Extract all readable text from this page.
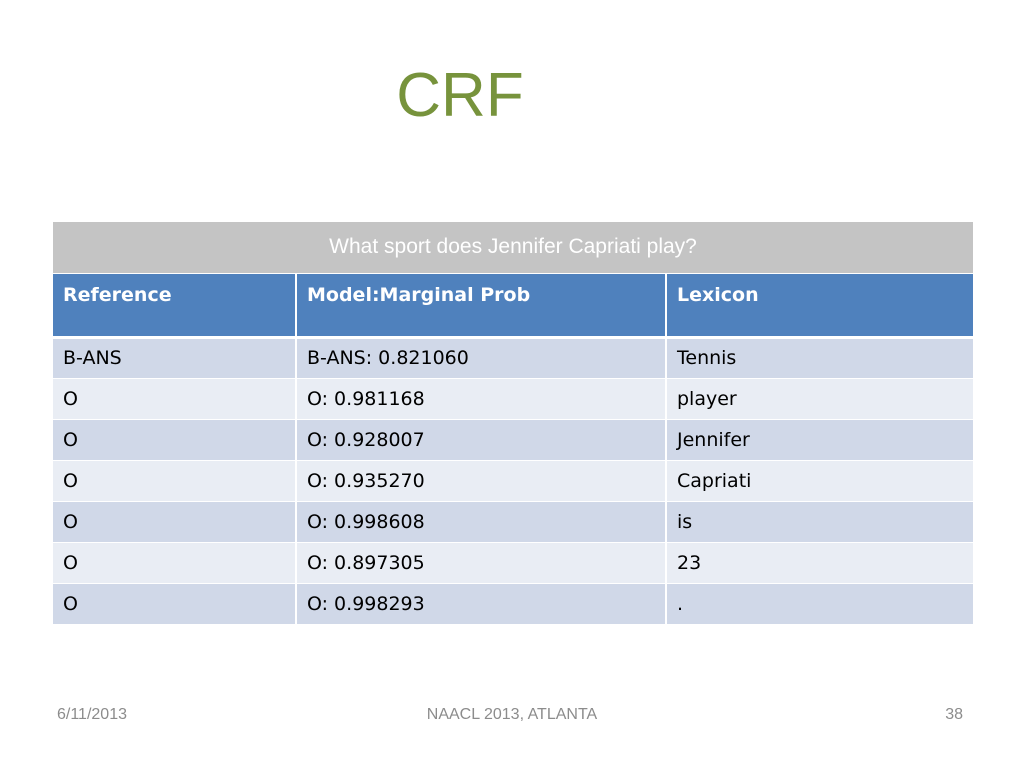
CRF
What sport does Jennifer Capriati play?		
Reference	Model:Marginal Prob	Lexicon
B-ANS	B-ANS: 0.821060	Tennis
O	O: 0.981168	player
O	O: 0.928007	Jennifer
O	O: 0.935270	Capriati
O	O: 0.998608	is
O	O: 0.897305	23
O	O: 0.998293	.
6/11/2013	NAACL 2013, ATLANTA	38
